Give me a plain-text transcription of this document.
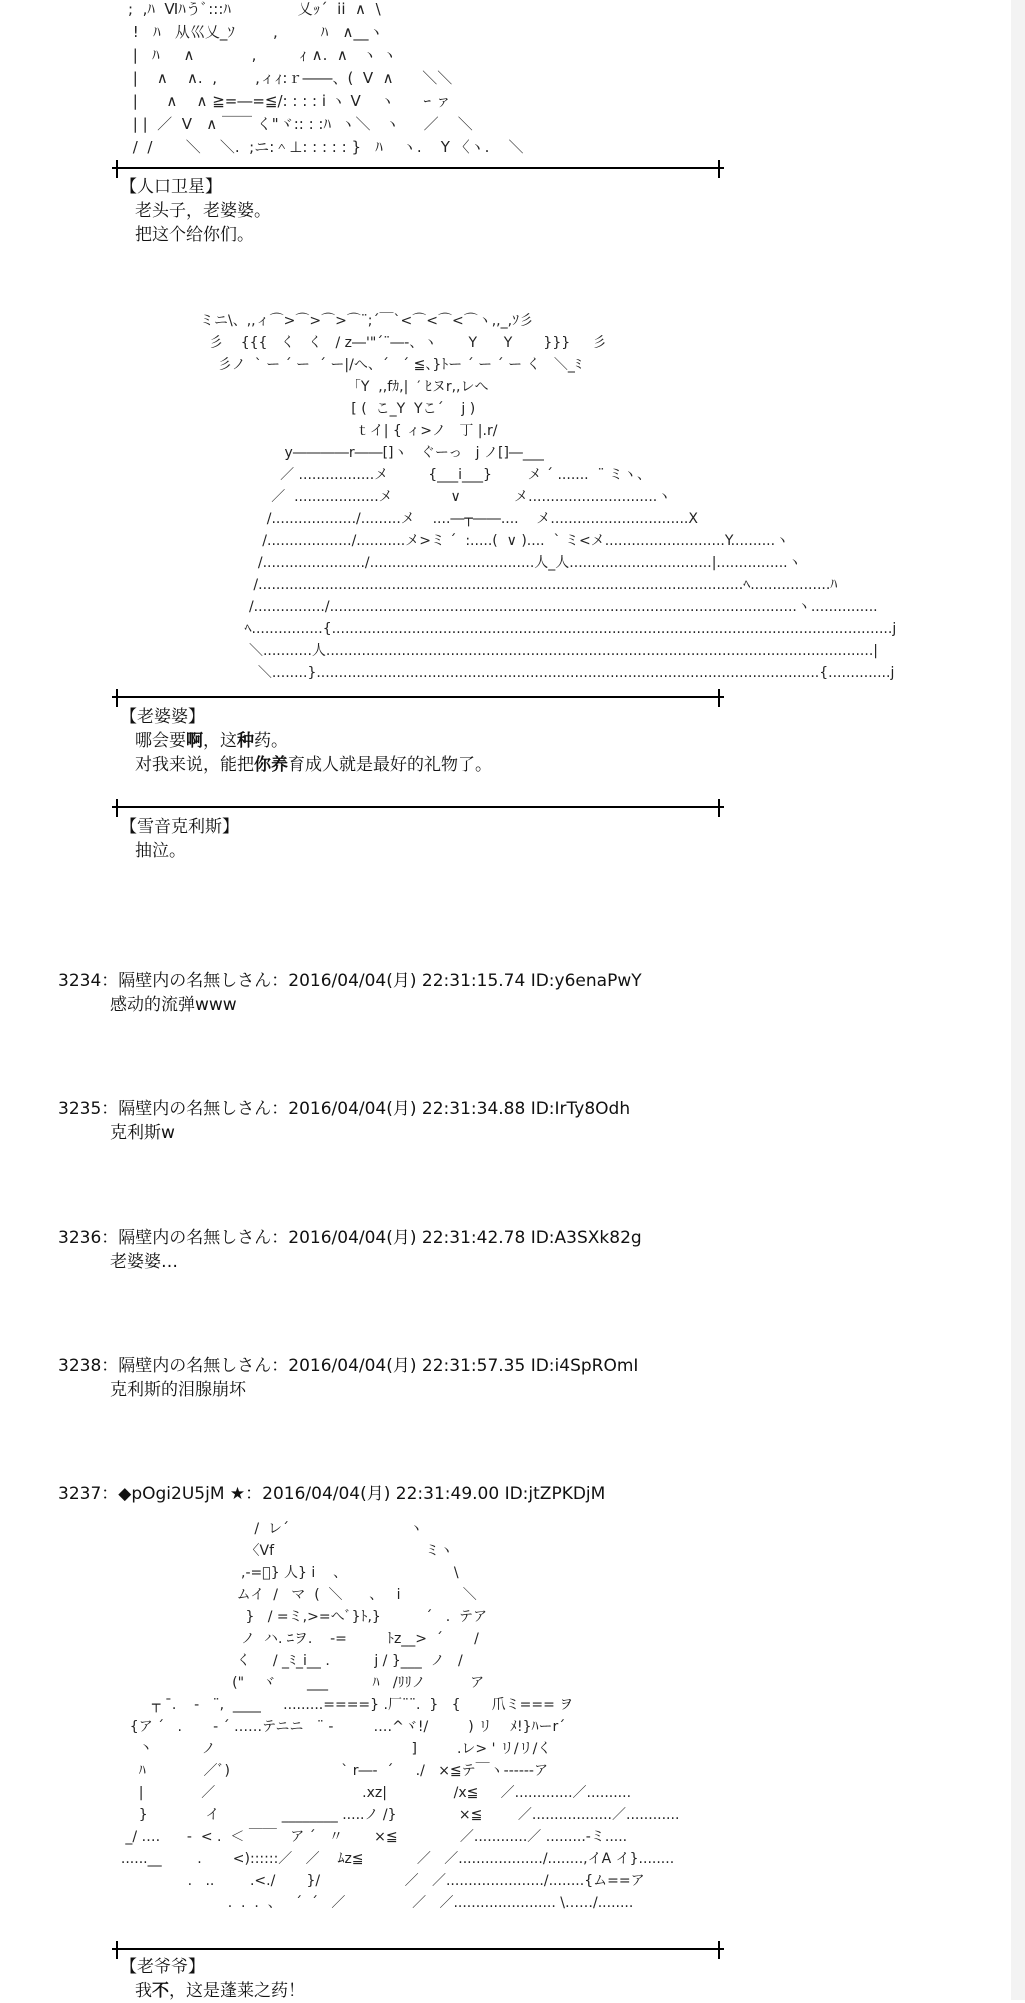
;  ,ﾊ  Ⅵﾊうﾞ:::ﾊ              乂ｯ´  ii  ∧  \
!   ﾊ   从巛乂_ｿ        ,         ﾊ   ∧__ヽ
|   ﾊ     ∧            ,         ｨ ∧.  ∧   ヽ ヽ
|    ∧    ∧.  ,        ,ィｨ:ｒ――、(  V  ∧      ＼＼
|      ∧    ∧ ≧=―=≦/: : : : i ヽ V    ヽ      ｰ ァ
| |  ／  V   ∧ ￣￣ く"ヾ:: : :ﾊ  ヽ＼   ヽ     ／    ＼
/  /       ＼    ＼.  ;ニ:＾⊥: : : : : }   ﾊ    ヽ.    Y 〈ヽ.    ＼
【人口卫星】
老头子，老婆婆。
把这个给你们。
ミニ\、,,ィ⌒>⌒>⌒>⌒¨;´￣`<⌒<⌒<⌒ヽ,,_,ｿ彡
彡    {{{   く   く   / z―'"´¨―-、ヽ       Y      Y       }}}     彡
彡ノ  ` ー ´ ー  ´ ー|/へ、´   ´ ≦、}ﾄー ´ ー ´ ー く   ＼_ﾐ
「Y  ,,fｶ,|  ′ ﾋヌr,,レへ
[ (  こ_Y  Yこ´    j )
ｔイ| { ィ>ノ   丁 |.r/
y――――r――[]ヽ   ぐーっ   j ノ[]―___
／ .................メ         {___i___}        メ ´ .......  ¨ ミヽ、
／  ...................メ             ∨            メ.............................ヽ
/.................../.........メ    ....―┬――....    メ...............................X
/.................../...........メ>ミ ´  :.....(  ∨ )....  ` ミ<メ...........................Y..........ヽ
/......................./.....................................人_人................................|................ヽ
/.............................................................................................................ﾍ..................ﾊ
/................/.........................................................................................................ヽ...............
ﾍ................{..............................................................................................................................j
＼...........人...........................................................................................................................|
＼........}.................................................................................................................{..............j
【老婆婆】
哪会要啊，这种药。
对我来说，能把你养育成人就是最好的礼物了。
【雪音克利斯】
抽泣。
3234：隔壁内の名無しさん：2016/04/04(月) 22:31:15.74 ID:y6enaPwY
感动的流弹www
3235：隔壁内の名無しさん：2016/04/04(月) 22:31:34.88 ID:IrTy8Odh
克利斯w
3236：隔壁内の名無しさん：2016/04/04(月) 22:31:42.78 ID:A3SXk82g
老婆婆…
3238：隔壁内の名無しさん：2016/04/04(月) 22:31:57.35 ID:i4SpROmI
克利斯的泪腺崩坏
3237：◆pOgi2U5jM ★：2016/04/04(月) 22:31:49.00 ID:jtZPKDjM
/  レ´                           ヽ
〈Vf                                  ミヽ
,-=ﾟ} 人} i    、                        \
ムイ  /   マ  (  ＼      、   i              ＼
}   / =ミ,>=へﾞ}ﾄ,}          ´   .  テア
ノ  ハ. ﾆヲ.    -=         ﾄz__>  ´       /
く     / _ﾐ_i__ .          j / }___  ノ   /
("    ヾ       ___          ﾊ   /ﾘﾘノ          ア
┬ ¯.    -   ¨,  ____     .........====} .厂¨¨.  }   {       爪ミ=== ヲ
{ア ´   .       - ´ ‥‥‥テニニ   ¨ -         ‥‥^ヾ!/         ) リ    ﾒ!}ﾊーr´
丶           ノ                                            ]         .レ> ' リ/リ/く
ﾊ             ／ﾞ)                         ` r―-  ´     ./   ×≦テ￣ヽ------ア
|             ／                                 .xz|               /x≦     ／.............／..........
}             イ              ________ .....ノ /}              ×≦        ／..................／............
_/ ‥‥      -  < .  ＜ ￣￣   ア ´   〃       ×≦              ／............／ .........-ミ.....
......__        .       <)::::::／   ／    ﾑz≦            ／   ／.................../........,イA イ}........
.   ..        .<./       }/                   ／   ／....................../........{ム==ア
.  .  .  、   ´  ´   ／               ／   ／....................... \‥‥‥/........
【老爷爷】
我不，这是蓬莱之药！
